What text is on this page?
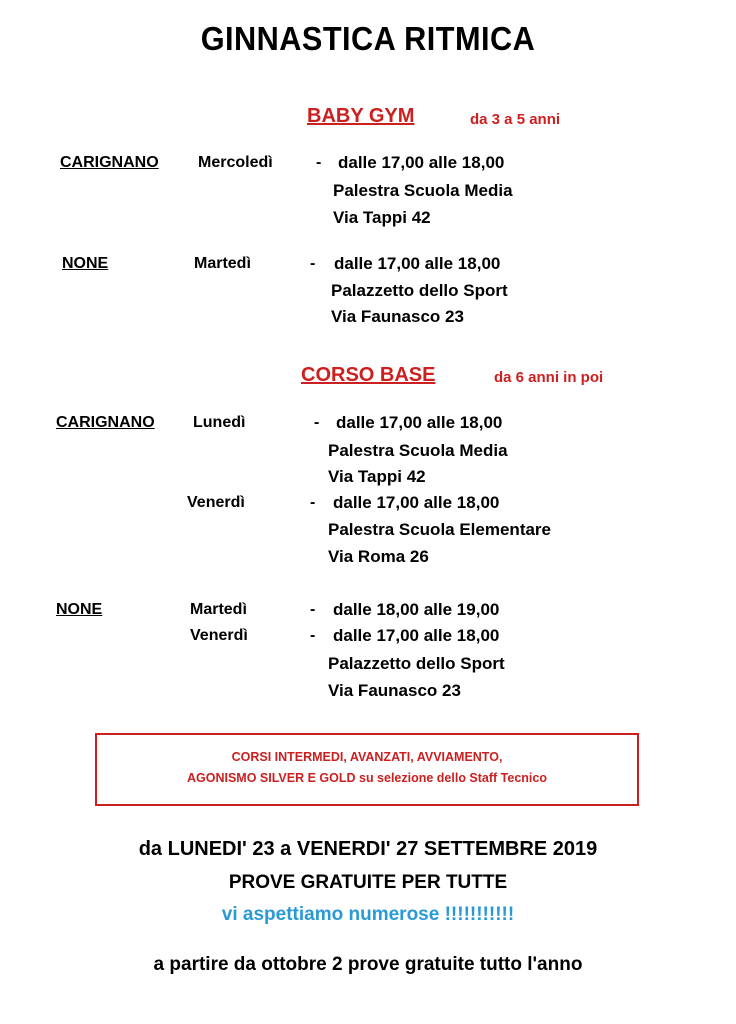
GINNASTICA RITMICA
BABY GYM	da 3 a 5 anni
CARIGNANO Mercoledì	- dalle 17,00 alle 18,00
Palestra Scuola Media
Via Tappi 42
NONE	Martedì	- dalle 17,00 alle 18,00
Palazzetto dello Sport
Via Faunasco 23
CORSO BASE	da 6 anni in poi
CARIGNANO Lunedì	- dalle 17,00 alle 18,00
Palestra Scuola Media
Via Tappi 42
Venerdì	- dalle 17,00 alle 18,00
Palestra Scuola Elementare
Via Roma 26
NONE	Martedì	- dalle 18,00 alle 19,00
Venerdì	- dalle 17,00 alle 18,00
Palazzetto dello Sport
Via Faunasco 23
CORSI INTERMEDI, AVANZATI, AVVIAMENTO,
AGONISMO SILVER E GOLD su selezione dello Staff Tecnico
da LUNEDI' 23 a VENERDI' 27 SETTEMBRE 2019
PROVE GRATUITE PER TUTTE
vi aspettiamo numerose !!!!!!!!!!!
a partire da ottobre 2 prove gratuite tutto l'anno
